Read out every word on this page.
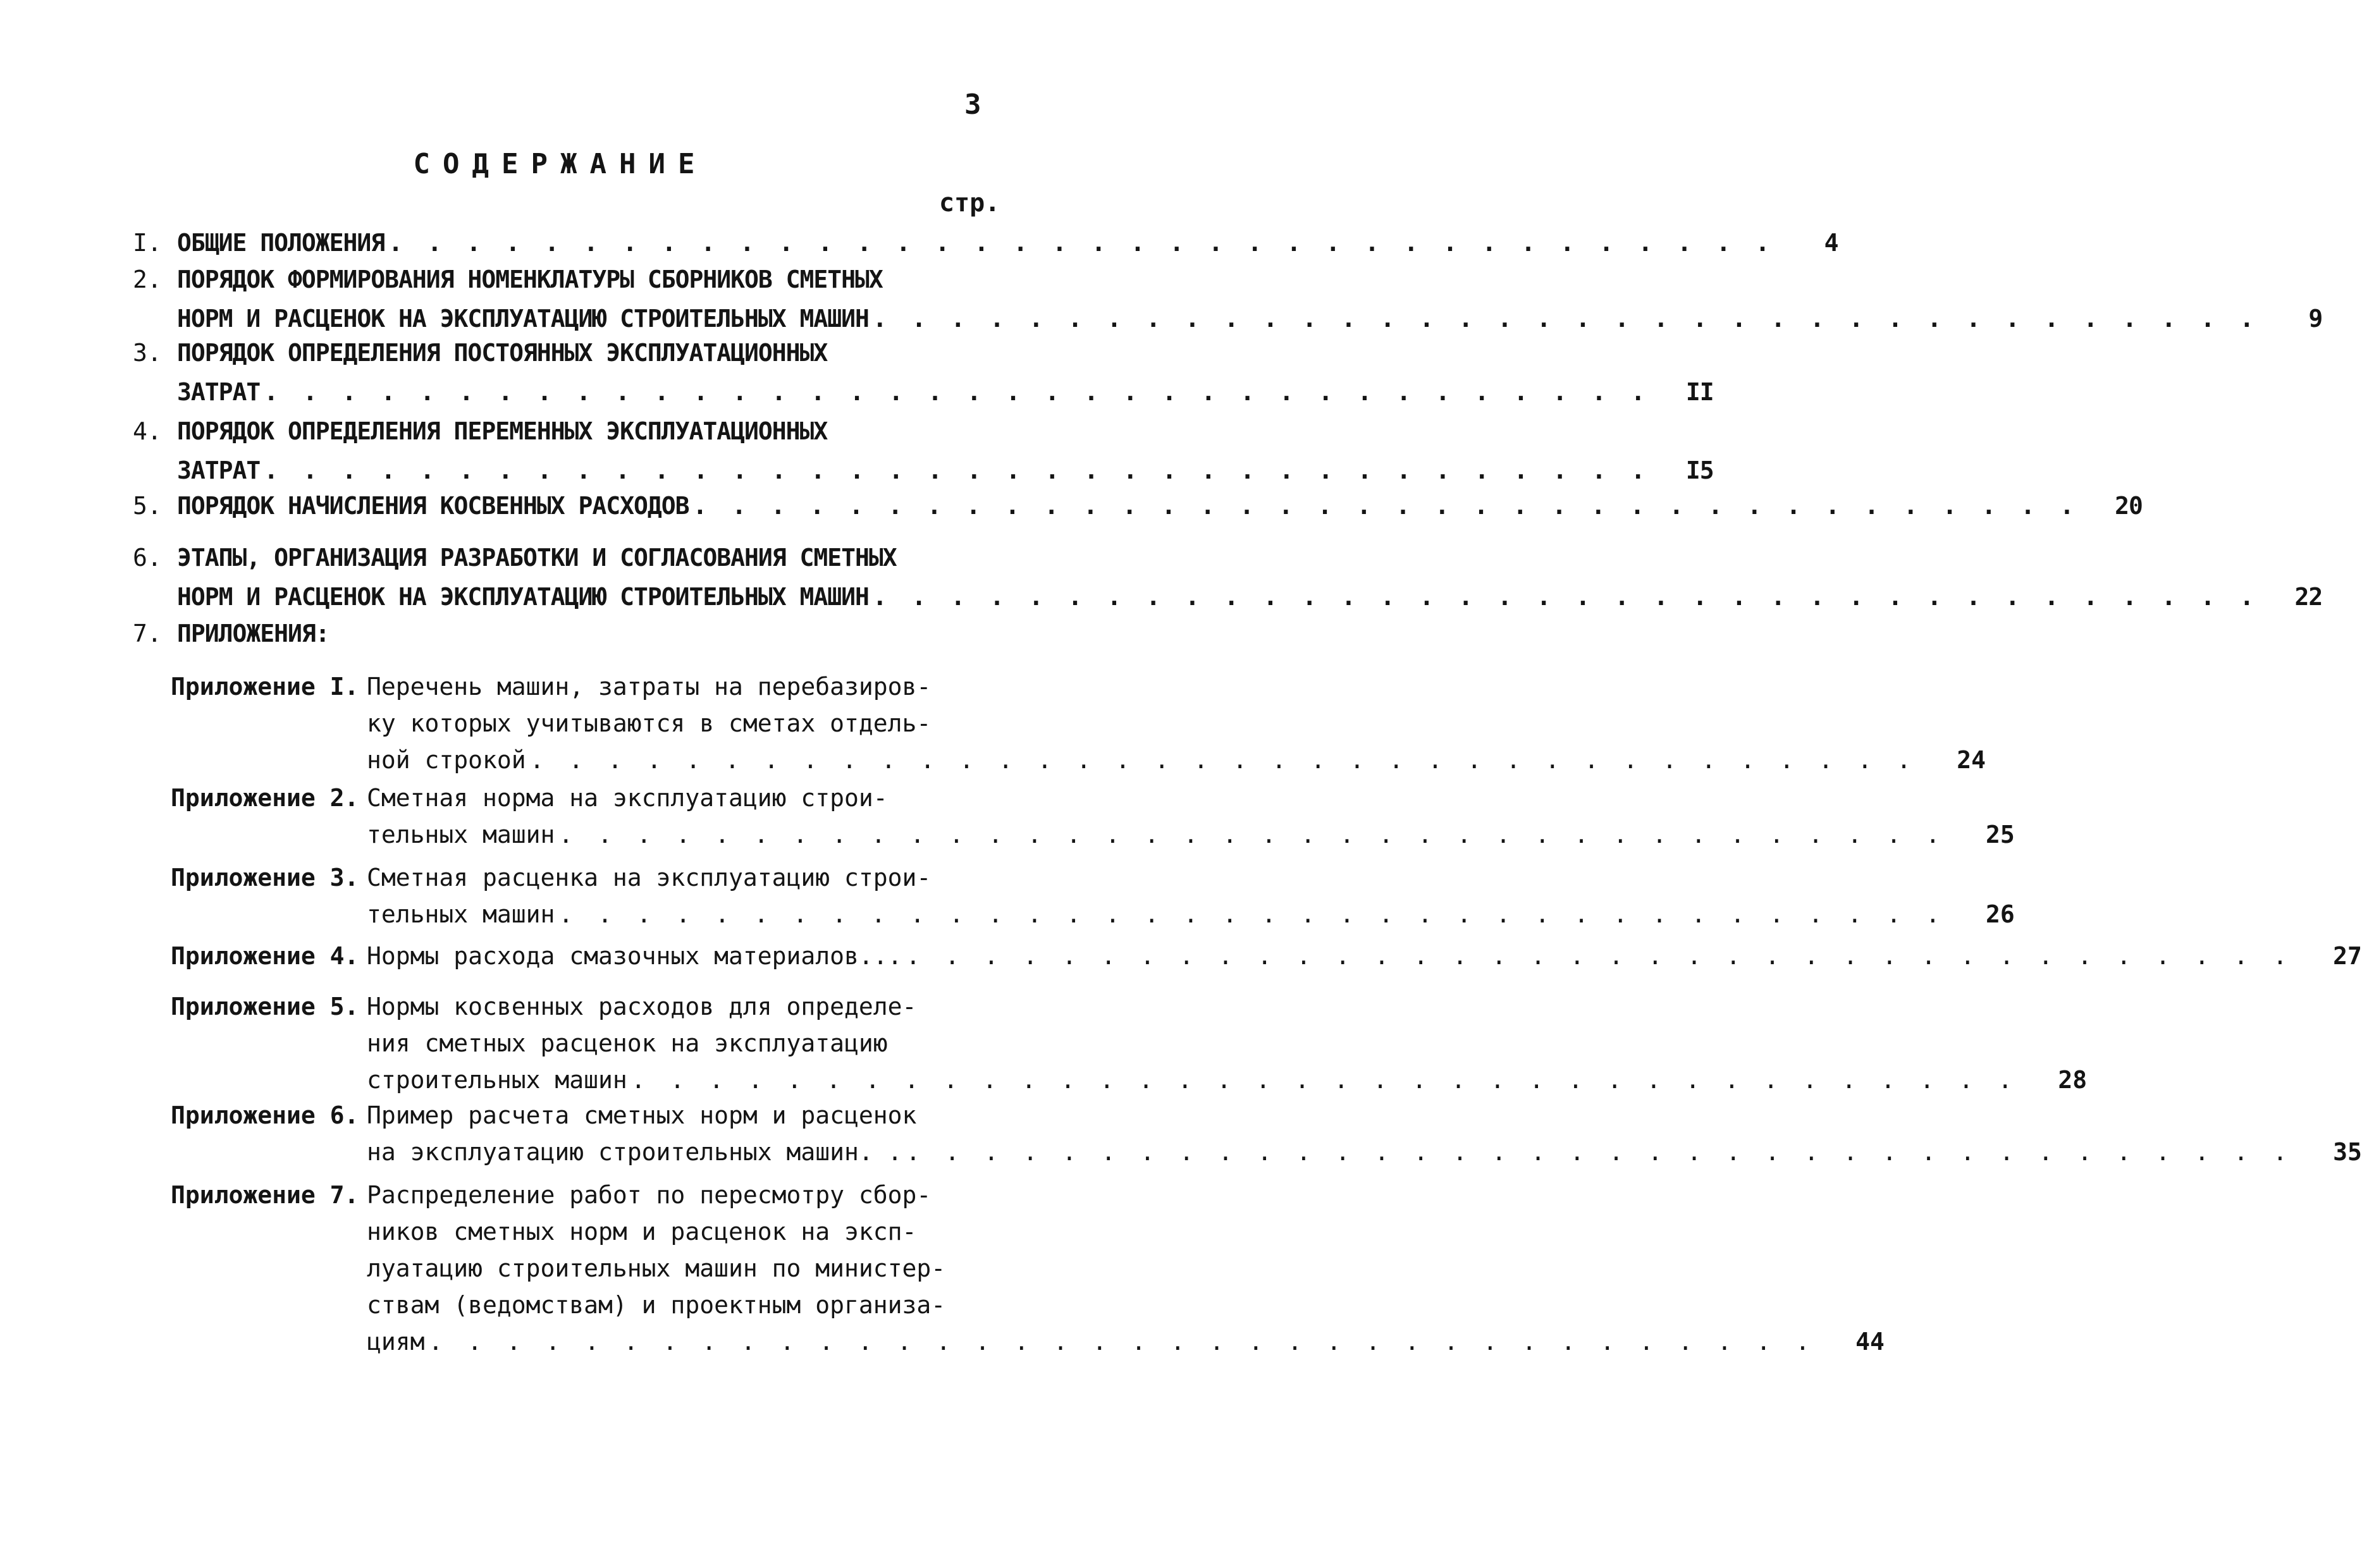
3
СОДЕРЖАНИЕ
стр.
I. ОБЩИЕ ПОЛОЖЕНИЯ . . . . . . . . . . . . . . . . . . . . . . . . . . . . . . . . . . . .	4
2. ПОРЯДОК ФОРМИРОВАНИЯ НОМЕНКЛАТУРЫ СБОРНИКОВ СМЕТНЫХ
НОРМ И РАСЦЕНОК НА ЭКСПЛУАТАЦИЮ СТРОИТЕЛЬНЫХ МАШИН . . . . . . . . . . . . . . . . . . . . . . . . . . . . . . . . . . . .	9
3. ПОРЯДОК ОПРЕДЕЛЕНИЯ ПОСТОЯННЫХ ЭКСПЛУАТАЦИОННЫХ
ЗАТРАТ . . . . . . . . . . . . . . . . . . . . . . . . . . . . . . . . . . . .	II
4. ПОРЯДОК ОПРЕДЕЛЕНИЯ ПЕРЕМЕННЫХ ЭКСПЛУАТАЦИОННЫХ
ЗАТРАТ . . . . . . . . . . . . . . . . . . . . . . . . . . . . . . . . . . . .	I5
5. ПОРЯДОК НАЧИСЛЕНИЯ КОСВЕННЫХ РАСХОДОВ . . . . . . . . . . . . . . . . . . . . . . . . . . . . . . . . . . . .	20
6. ЭТАПЫ, ОРГАНИЗАЦИЯ РАЗРАБОТКИ И СОГЛАСОВАНИЯ СМЕТНЫХ
НОРМ И РАСЦЕНОК НА ЭКСПЛУАТАЦИЮ СТРОИТЕЛЬНЫХ МАШИН . . . . . . . . . . . . . . . . . . . . . . . . . . . . . . . . . . . .	22
7. ПРИЛОЖЕНИЯ:
Приложение I. Перечень машин, затраты на перебазиров-
ку которых учитываются в сметах отдель-
ной строкой . . . . . . . . . . . . . . . . . . . . . . . . . . . . . . . . . . . .	24
Приложение 2. Сметная норма на эксплуатацию строи-
тельных машин . . . . . . . . . . . . . . . . . . . . . . . . . . . . . . . . . . . .	25
Приложение 3. Сметная расценка на эксплуатацию строи-
тельных машин . . . . . . . . . . . . . . . . . . . . . . . . . . . . . . . . . . . .	26
Приложение 4. Нормы расхода смазочных материалов... . . . . . . . . . . . . . . . . . . . . . . . . . . . . . . . . . . . .	27
Приложение 5. Нормы косвенных расходов для определе-
ния сметных расценок на эксплуатацию
строительных машин . . . . . . . . . . . . . . . . . . . . . . . . . . . . . . . . . . . .	28
Приложение 6. Пример расчета сметных норм и расценок
на эксплуатацию строительных машин. . . . . . . . . . . . . . . . . . . . . . . . . . . . . . . . . . . . . .	35
Приложение 7. Распределение работ по пересмотру сбор-
ников сметных норм и расценок на эксп-
луатацию строительных машин по министер-
ствам (ведомствам) и проектным организа-
циям . . . . . . . . . . . . . . . . . . . . . . . . . . . . . . . . . . . .	44
